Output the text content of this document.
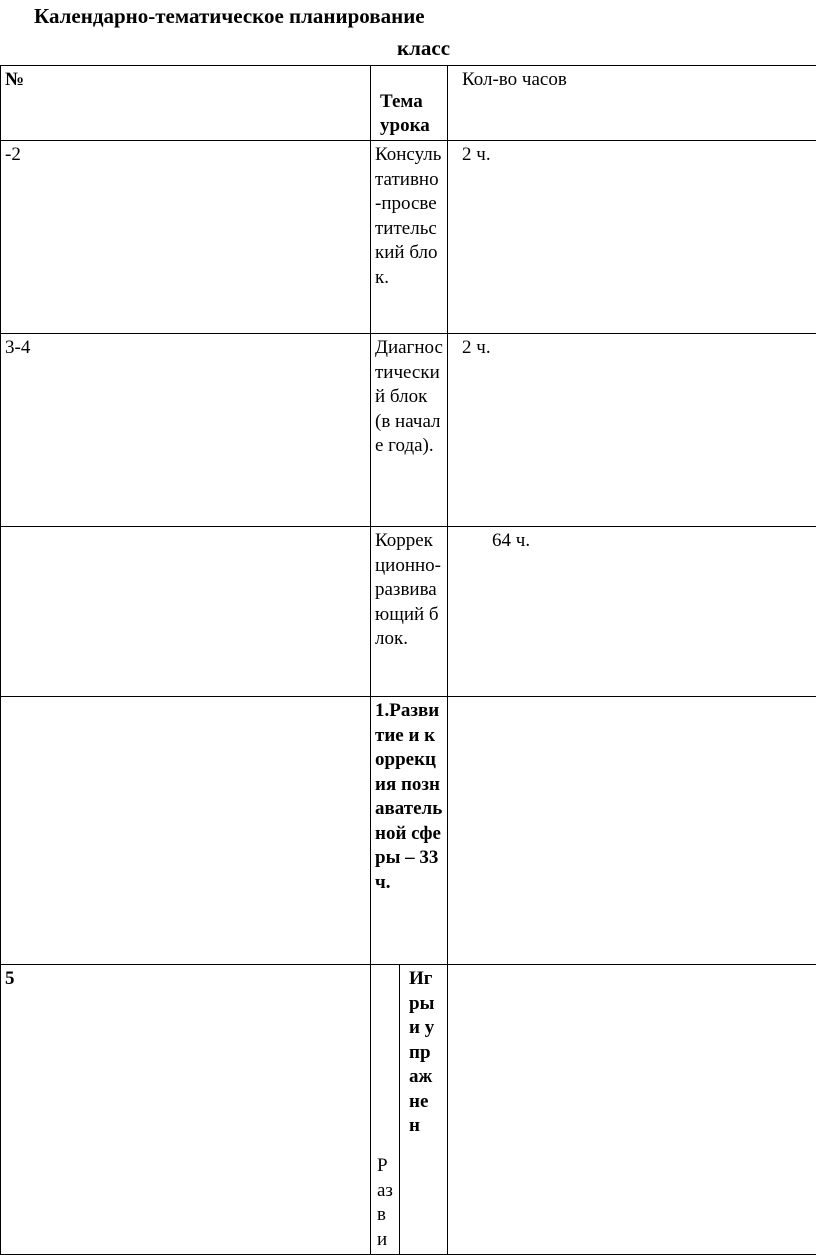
Календарно-тематическое планирование
класс
№	Тема урока		Кол-во часов
-2	Консультативно-просветительский блок.		2 ч.
3-4	Диагностический блок (в начале года).		2 ч.
	Коррекционно-развивающий блок.		64 ч.
	1.Развитие и коррекция познавательной сферы – 33 ч.		
5	Разви	Игры и упражнен	
